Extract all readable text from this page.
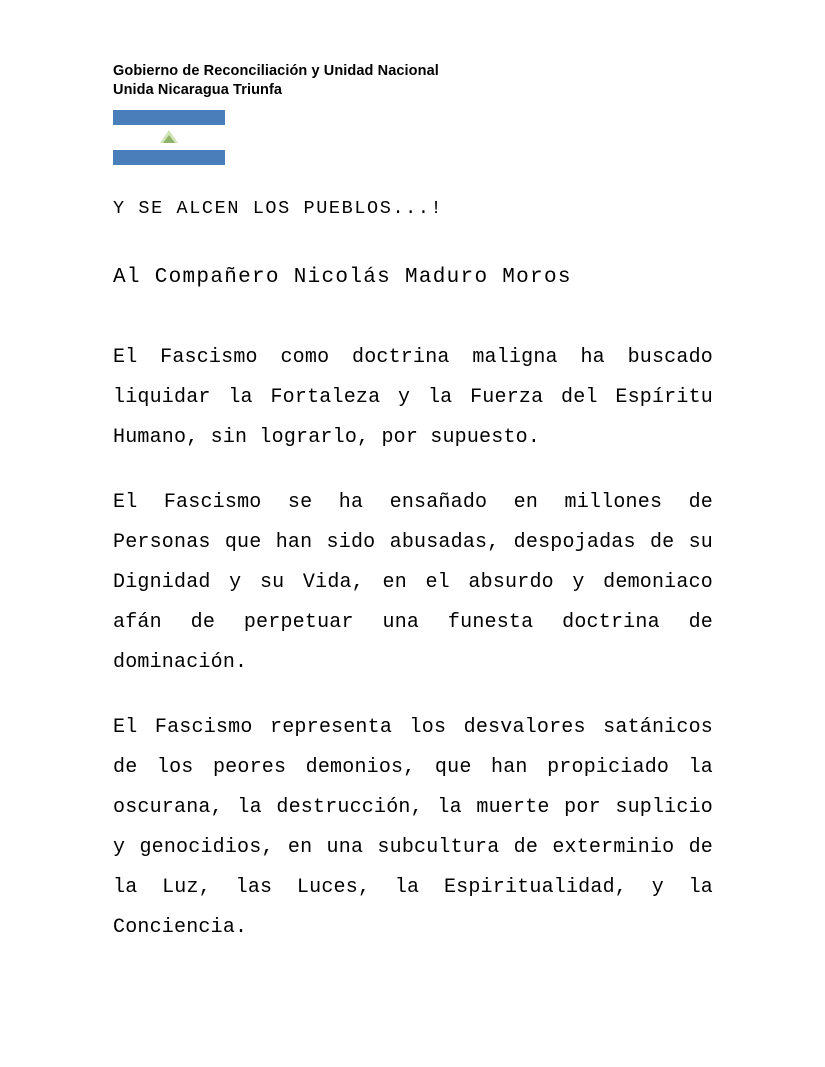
Gobierno de Reconciliación y Unidad Nacional
Unida Nicaragua Triunfa
Y SE ALCEN LOS PUEBLOS...!
Al Compañero Nicolás Maduro Moros

El Fascismo como doctrina maligna ha buscado liquidar la Fortaleza y la Fuerza del Espíritu Humano, sin lograrlo, por supuesto.

El Fascismo se ha ensañado en millones de Personas que han sido abusadas, despojadas de su Dignidad y su Vida, en el absurdo y demoniaco afán de perpetuar una funesta doctrina de dominación.

El Fascismo representa los desvalores satánicos de los peores demonios, que han propiciado la oscurana, la destrucción, la muerte por suplicio y genocidios, en una subcultura de exterminio de la Luz, las Luces, la Espiritualidad, y la Conciencia.
